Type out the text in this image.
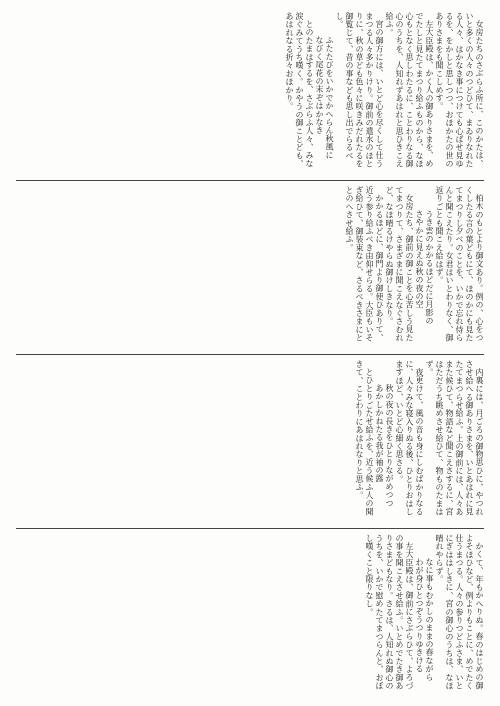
女房たちのさぶらふ所に、このかたは、いと多くの人々のつどひて、まゐりなれたる人々、はかなき事につけても心ばせ見ゆるを、をかしと思しつつ、おほかたの世のありさまをも聞こしめす。

左大臣殿は、かく人の御ありさまを、めでたしと見たてまつり給ふものから、なほ心もとなく思しわたるに、ことわりなる御心のうちを、人知れずあはれと思ひきこえ給ふ。

宮の御方には、いとど心を尽くして仕うまつる人々多かりけり。御前の遣水のほとりに、秋の草ども色々に咲きみだれたるを御覧じて、昔の事なども思し出でらるべし。

ふたたびをいかでかへらん秋風に

なびく尾花の末ぞはかなき

とのたまはするを、さぶらふ人々、みな涙ぐみてうち嘆く。かやうの御ことども、あはれなる折々おほかり。

柏木のもとより御文あり。例の、心をつくしたる言の葉どもにて、ほのかにも見たてまつりし夕べのことを、いかで忘れ侍らんと聞こえたり。女君はいとわりなく、御返りごとも聞こえ給はず。

うき雲のかかるほどだに月影の

さやかに見えぬ秋の夜の空

女房たち、御前の御ことを心苦しう見たてまつりて、さまざまに聞こえなぐさむれど、なほ晴るけやらぬ御けしきなり。

かかるほどに、御門より御使ひありて、近う参り給ふべき由仰せらる。大臣もいそぎ給ひて、御装束など、さるべきさまにととのへさせ給ふ。

内裏には、月ごろの御物思ひに、やつれさせ給へる御ありさまを、いとあはれに見たてまつらせ給ふ。上の御前には、人々あまた候ひて、物語など聞こえさするに、宮はただうち眺めさせ給ひて、物ものたまはず。

夜更けて、風の音も身にしむばかりなるに、人々みな寝入りぬる後、ひとりおはしますほど、いとど心細く思さる。

秋の夜の長きをひとりながめつつ

あかしかねたる我が袖の露

とひとりごたせ給ふを、近う候ふ人の聞きて、ことわりにあはれなりと思ふ。

かくて、年もかへりぬ。春のはじめの御よそほひなど、例よりもことに、めでたく仕うまつる。人々の参りつどふさま、いとにぎははしきに、宮の御心のうちは、なほ晴れやらず。

なに事もむかしのままの春ながら

わが身ひとつぞうつりゆきける

左大臣殿は、御前にさぶらひて、よろづの事を聞こえさせ給ふ。いとめでたき御ありさまどもなり。さるは、人知れぬ御心のうちを、いかで慰めたてまつらんと、おぼし嘆くこと限りなし。
